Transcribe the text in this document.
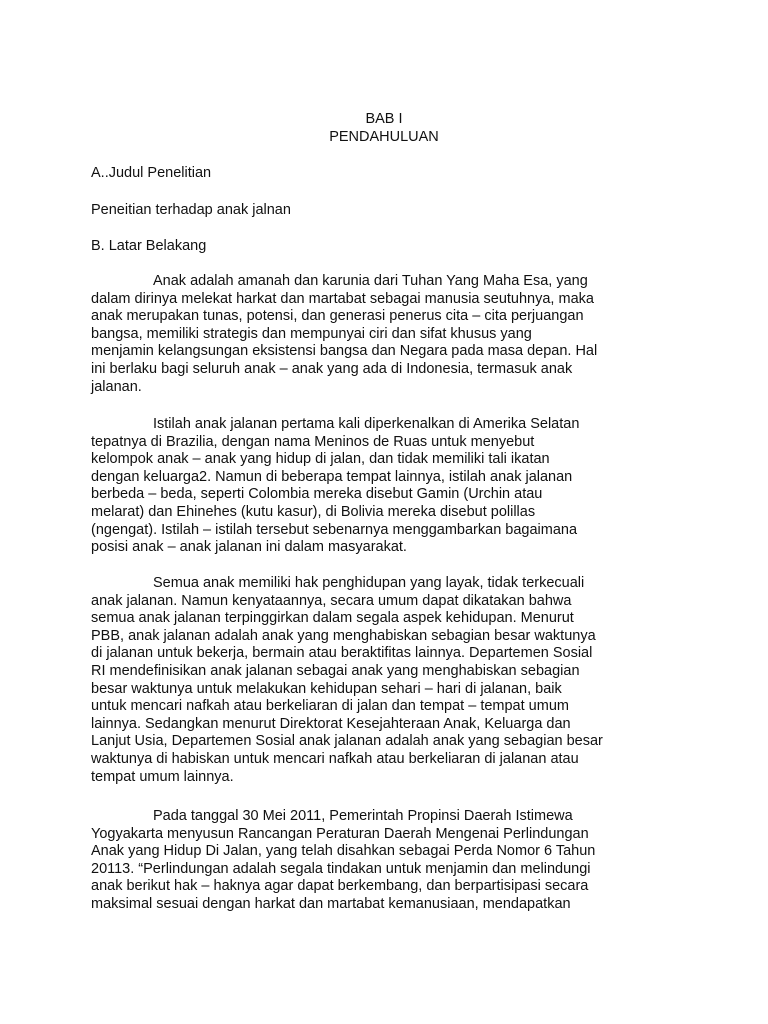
BAB I
PENDAHULUAN
A..Judul Penelitian
Peneitian terhadap anak jalnan
B. Latar Belakang
Anak adalah amanah dan karunia dari Tuhan Yang Maha Esa, yang
dalam dirinya melekat harkat dan martabat sebagai manusia seutuhnya, maka
anak merupakan tunas, potensi, dan generasi penerus cita – cita perjuangan
bangsa, memiliki strategis dan mempunyai ciri dan sifat khusus yang
menjamin kelangsungan eksistensi bangsa dan Negara pada masa depan. Hal
ini berlaku bagi seluruh anak – anak yang ada di Indonesia, termasuk anak
jalanan.
Istilah anak jalanan pertama kali diperkenalkan di Amerika Selatan
tepatnya di Brazilia, dengan nama Meninos de Ruas untuk menyebut
kelompok anak – anak yang hidup di jalan, dan tidak memiliki tali ikatan
dengan keluarga2. Namun di beberapa tempat lainnya, istilah anak jalanan
berbeda – beda, seperti Colombia mereka disebut Gamin (Urchin atau
melarat) dan Ehinehes (kutu kasur), di Bolivia mereka disebut polillas
(ngengat). Istilah – istilah tersebut sebenarnya menggambarkan bagaimana
posisi anak – anak jalanan ini dalam masyarakat.
Semua anak memiliki hak penghidupan yang layak, tidak terkecuali
anak jalanan. Namun kenyataannya, secara umum dapat dikatakan bahwa
semua anak jalanan terpinggirkan dalam segala aspek kehidupan. Menurut
PBB, anak jalanan adalah anak yang menghabiskan sebagian besar waktunya
di jalanan untuk bekerja, bermain atau beraktifitas lainnya. Departemen Sosial
RI mendefinisikan anak jalanan sebagai anak yang menghabiskan sebagian
besar waktunya untuk melakukan kehidupan sehari – hari di jalanan, baik
untuk mencari nafkah atau berkeliaran di jalan dan tempat – tempat umum
lainnya. Sedangkan menurut Direktorat Kesejahteraan Anak, Keluarga dan
Lanjut Usia, Departemen Sosial anak jalanan adalah anak yang sebagian besar
waktunya di habiskan untuk mencari nafkah atau berkeliaran di jalanan atau
tempat umum lainnya.
Pada tanggal 30 Mei 2011, Pemerintah Propinsi Daerah Istimewa
Yogyakarta menyusun Rancangan Peraturan Daerah Mengenai Perlindungan
Anak yang Hidup Di Jalan, yang telah disahkan sebagai Perda Nomor 6 Tahun
20113. “Perlindungan adalah segala tindakan untuk menjamin dan melindungi
anak berikut hak – haknya agar dapat berkembang, dan berpartisipasi secara
maksimal sesuai dengan harkat dan martabat kemanusiaan, mendapatkan
